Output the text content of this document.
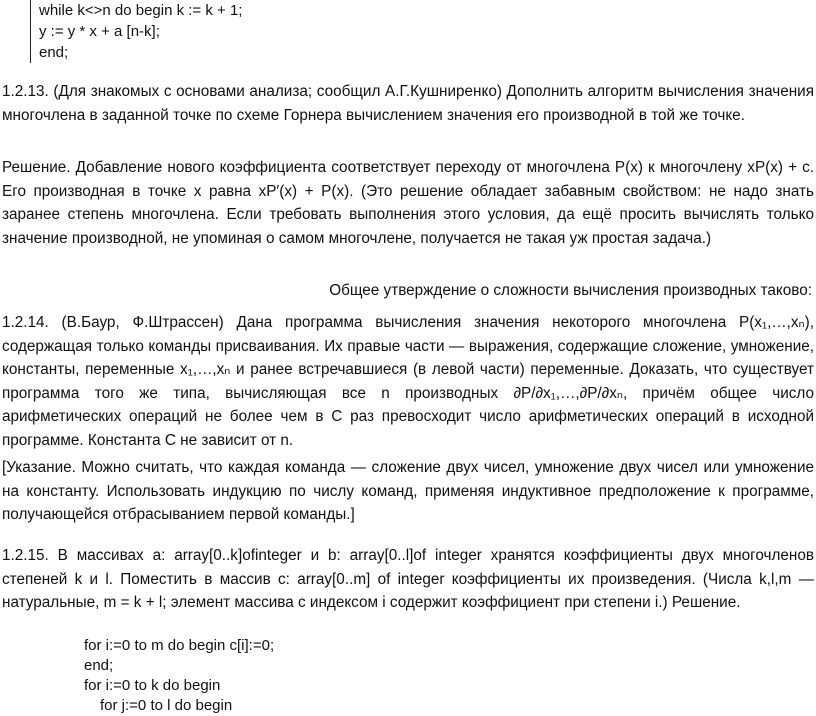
while k<>n do begin k := k + 1;
y := y * x + a [n-k];
end;

1.2.13. (Для знакомых с основами анализа; сообщил А.Г.Кушниренко) Дополнить алгоритм вычисления значения многочлена в заданной точке по схеме Горнера вычислением значения его производной в той же точке.

Решение. Добавление нового коэффициента соответствует переходу от многочлена P(x) к многочлену xP(x) + c. Его производная в точке x равна xP′(x) + P(x). (Это решение обладает забавным свойством: не надо знать заранее степень многочлена. Если требовать выполнения этого условия, да ещё просить вычислять только значение производной, не упоминая о самом многочлене, получается не такая уж простая задача.)

Общее утверждение о сложности вычисления производных таково:

1.2.14. (В.Баур, Ф.Штрассен) Дана программа вычисления значения некоторого многочлена P(x₁,…,xₙ), содержащая только команды присваивания. Их правые части — выражения, содержащие сложение, умножение, константы, переменные x₁,…,xₙ и ранее встречавшиеся (в левой части) переменные. Доказать, что существует программа того же типа, вычисляющая все n производных ∂P/∂x₁,…,∂P/∂xₙ, причём общее число арифметических операций не более чем в C раз превосходит число арифметических операций в исходной программе. Константа C не зависит от n.

[Указание. Можно считать, что каждая команда — сложение двух чисел, умножение двух чисел или умножение на константу. Использовать индукцию по числу команд, применяя индуктивное предположение к программе, получающейся отбрасыванием первой команды.]

1.2.15. В массивах a: array[0..k]ofinteger и b: array[0..l]of integer хранятся коэффициенты двух многочленов степеней k и l. Поместить в массив c: array[0..m] of integer коэффициенты их произведения. (Числа k,l,m — натуральные, m = k + l; элемент массива с индексом i содержит коэффициент при степени i.) Решение.

for i:=0 to m do begin c[i]:=0;
end;
for i:=0 to k do begin
for j:=0 to l do begin
